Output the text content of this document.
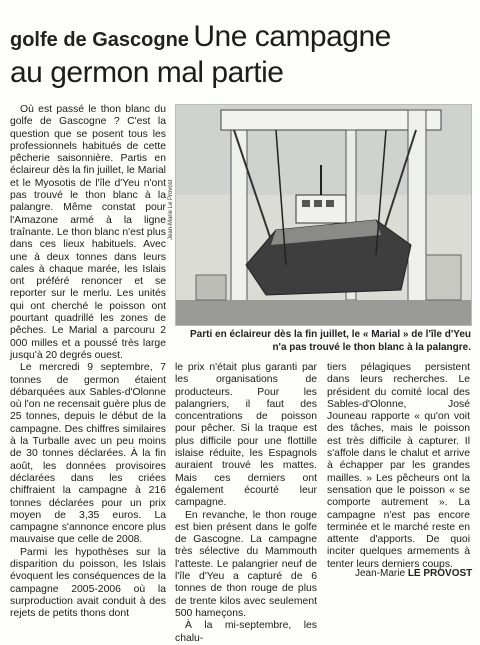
golfe de Gascogne Une campagne
au germon mal partie

Où est passé le thon blanc du golfe de Gascogne ? C'est la question que se posent tous les professionnels habitués de cette pêcherie saisonnière. Partis en éclaireur dès la fin juillet, le Marial et le Myosotis de l'île d'Yeu n'ont pas trouvé le thon blanc à la palangre. Même constat pour l'Amazone armé à la ligne traînante. Le thon blanc n'est plus dans ces lieux habituels. Avec une à deux tonnes dans leurs cales à chaque marée, les Islais ont préféré renoncer et se reporter sur le merlu. Les unités qui ont cherché le poisson ont pourtant quadrillé les zones de pêches. Le Marial a parcouru 2 000 milles et a poussé très large jusqu'à 20 degrés ouest.

Le mercredi 9 septembre, 7 tonnes de germon étaient débarquées aux Sables-d'Olonne où l'on ne recensait guère plus de 25 tonnes, depuis le début de la campagne. Des chiffres similaires à la Turballe avec un peu moins de 30 tonnes déclarées. À la fin août, les données provisoires déclarées dans les criées chiffraient la campagne à 216 tonnes déclarées pour un prix moyen de 3,35 euros. La campagne s'annonce encore plus mauvaise que celle de 2008.

Parmi les hypothèses sur la disparition du poisson, les Islais évoquent les conséquences de la campagne 2005-2006 où la surproduction avait conduit à des rejets de petits thons dont

Jean-Marie Le Provost
Parti en éclaireur dès la fin juillet, le « Marial » de l'île d'Yeu n'a pas trouvé le thon blanc à la palangre.

le prix n'était plus garanti par les organisations de producteurs. Pour les palangriers, il faut des concentrations de poisson pour pêcher. Si la traque est plus difficile pour une flottille islaise réduite, les Espagnols auraient trouvé les mattes. Mais ces derniers ont également écourté leur campagne.

En revanche, le thon rouge est bien présent dans le golfe de Gascogne. La campagne très sélective du Mammouth l'atteste. Le palangrier neuf de l'île d'Yeu a capturé de 6 tonnes de thon rouge de plus de trente kilos avec seulement 500 hameçons.

À la mi-septembre, les chalu-

tiers pélagiques persistent dans leurs recherches. Le président du comité local des Sables-d'Olonne, José Jouneau rapporte « qu'on voit des tâches, mais le poisson est très difficile à capturer. Il s'affole dans le chalut et arrive à échapper par les grandes mailles. » Les pêcheurs ont la sensation que le poisson « se comporte autrement ». La campagne n'est pas encore terminée et le marché reste en attente d'apports. De quoi inciter quelques armements à tenter leurs derniers coups.

Jean-Marie LE PROVOST
